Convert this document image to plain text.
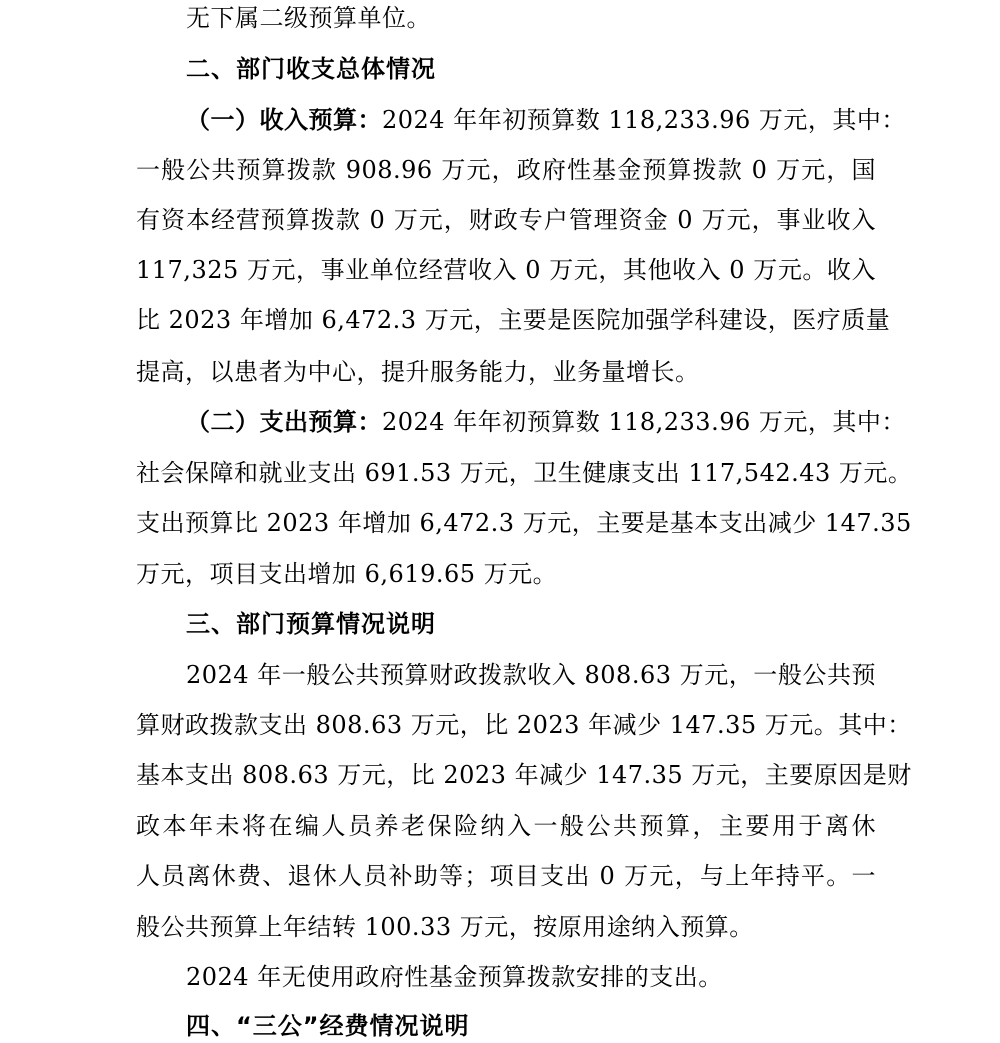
无下属二级预算单位。
二、部门收支总体情况
（一）收入预算：2024 年年初预算数 118,233.96 万元，其中：
一般公共预算拨款 908.96 万元，政府性基金预算拨款 0 万元，国
有资本经营预算拨款 0 万元，财政专户管理资金 0 万元，事业收入
117,325 万元，事业单位经营收入 0 万元，其他收入 0 万元。收入
比 2023 年增加 6,472.3 万元，主要是医院加强学科建设，医疗质量
提高，以患者为中心，提升服务能力，业务量增长。
（二）支出预算：2024 年年初预算数 118,233.96 万元，其中：
社会保障和就业支出 691.53 万元，卫生健康支出 117,542.43 万元。
支出预算比 2023 年增加 6,472.3 万元，主要是基本支出减少 147.35
万元，项目支出增加 6,619.65 万元。
三、部门预算情况说明
2024 年一般公共预算财政拨款收入 808.63 万元，一般公共预
算财政拨款支出 808.63 万元，比 2023 年减少 147.35 万元。其中：
基本支出 808.63 万元，比 2023 年减少 147.35 万元，主要原因是财
政本年未将在编人员养老保险纳入一般公共预算，主要用于离休
人员离休费、退休人员补助等；项目支出 0 万元，与上年持平。一
般公共预算上年结转 100.33 万元，按原用途纳入预算。
2024 年无使用政府性基金预算拨款安排的支出。
四、“三公”经费情况说明
